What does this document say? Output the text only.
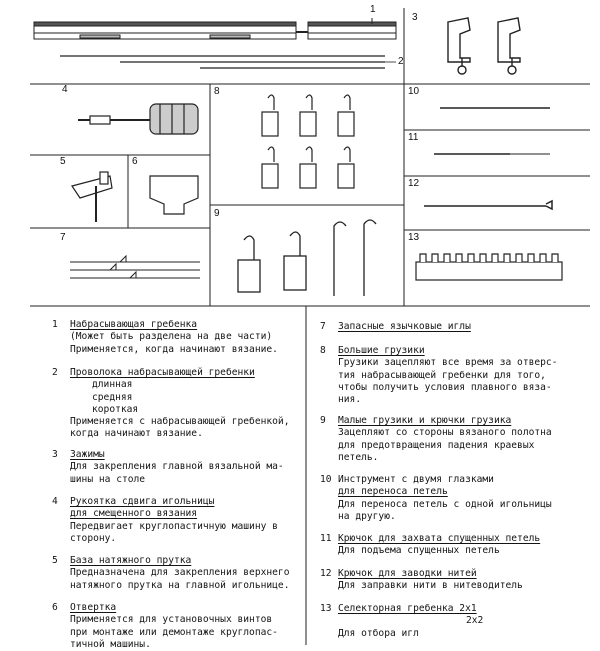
1
2
3
4
5	6
7
8
9
10
11
12
13
1 Набрасывающая гребенка
(Может быть разделена на две части)
Применяется, когда начинают вязание.
2 Проволока набрасывающей гребенки
длинная
средняя
короткая
Применяется с набрасывающей гребенкой,
когда начинают вязание.
3 Зажимы
Для закрепления главной вязальной ма-
шины на столе
4 Рукоятка сдвига игольницы
для смещенного вязания
Передвигает круглопастичную машину в
сторону.
5 База натяжного прутка
Предназначена для закрепления верхнего
натяжного прутка на главной игольнице.
6 Отвертка
Применяется для установочных винтов
при монтаже или демонтаже круглопас-
тичной машины.
7 Запасные язычковые иглы
8 Большие грузики
Грузики зацепляют все время за отверс-
тия набрасывающей гребенки для того,
чтобы получить условия плавного вяза-
ния.
9 Малые грузики и крючки грузика
Зацепляют со стороны вязаного полотна
для предотвращения падения краевых
петель.
10 Инструмент с двумя глазками
для переноса петель
Для переноса петель с одной игольницы
на другую.
11 Крючок для захвата спущенных петель
Для подъема спущенных петель
12 Крючок для заводки нитей
Для заправки нити в нитеводитель
13 Селекторная гребенка 2x1
2x2
Для отбора игл
